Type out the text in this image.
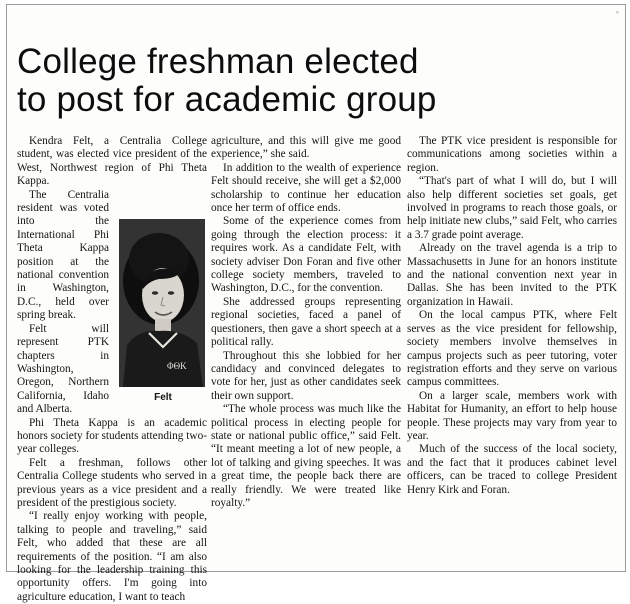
◦
College freshman elected
to post for academic group

Kendra Felt, a Centralia College student, was elected vice president of the West, Northwest region of Phi Theta Kappa.

ΦΘK
Felt

The Centralia resident was voted into the International Phi Theta Kappa position at the national convention in Washington, D.C., held over spring break.

Felt will represent PTK chapters in Washington, Oregon, Northern California, Idaho and Alberta.

Phi Theta Kappa is an academic honors society for students attending two-year colleges.

Felt a freshman, follows other Centralia College students who served in previous years as a vice president and a president of the prestigious society.

“I really enjoy working with people, talking to people and traveling,” said Felt, who added that these are all requirements of the position. “I am also looking for the leadership training this opportunity offers. I'm going into agriculture education, I want to teach

agriculture, and this will give me good experience,” she said.

In addition to the wealth of experience Felt should receive, she will get a $2,000 scholarship to continue her education once her term of office ends.

Some of the experience comes from going through the election process: it requires work. As a candidate Felt, with society adviser Don Foran and five other college society members, traveled to Washington, D.C., for the convention.

She addressed groups representing regional societies, faced a panel of questioners, then gave a short speech at a political rally.

Throughout this she lobbied for her candidacy and convinced delegates to vote for her, just as other candidates seek their own support.

“The whole process was much like the political process in electing people for state or national public office,” said Felt. “It meant meeting a lot of new people, a lot of talking and giving speeches. It was a great time, the people back there are really friendly. We were treated like royalty.”

The PTK vice president is responsible for communications among societies within a region.

“That's part of what I will do, but I will also help different societies set goals, get involved in programs to reach those goals, or help initiate new clubs,” said Felt, who carries a 3.7 grade point average.

Already on the travel agenda is a trip to Massachusetts in June for an honors institute and the national convention next year in Dallas. She has been invited to the PTK organization in Hawaii.

On the local campus PTK, where Felt serves as the vice president for fellowship, society members involve themselves in campus projects such as peer tutoring, voter registration efforts and they serve on various campus committees.

On a larger scale, members work with Habitat for Humanity, an effort to help house people. These projects may vary from year to year.

Much of the success of the local society, and the fact that it produces cabinet level officers, can be traced to college President Henry Kirk and Foran.
